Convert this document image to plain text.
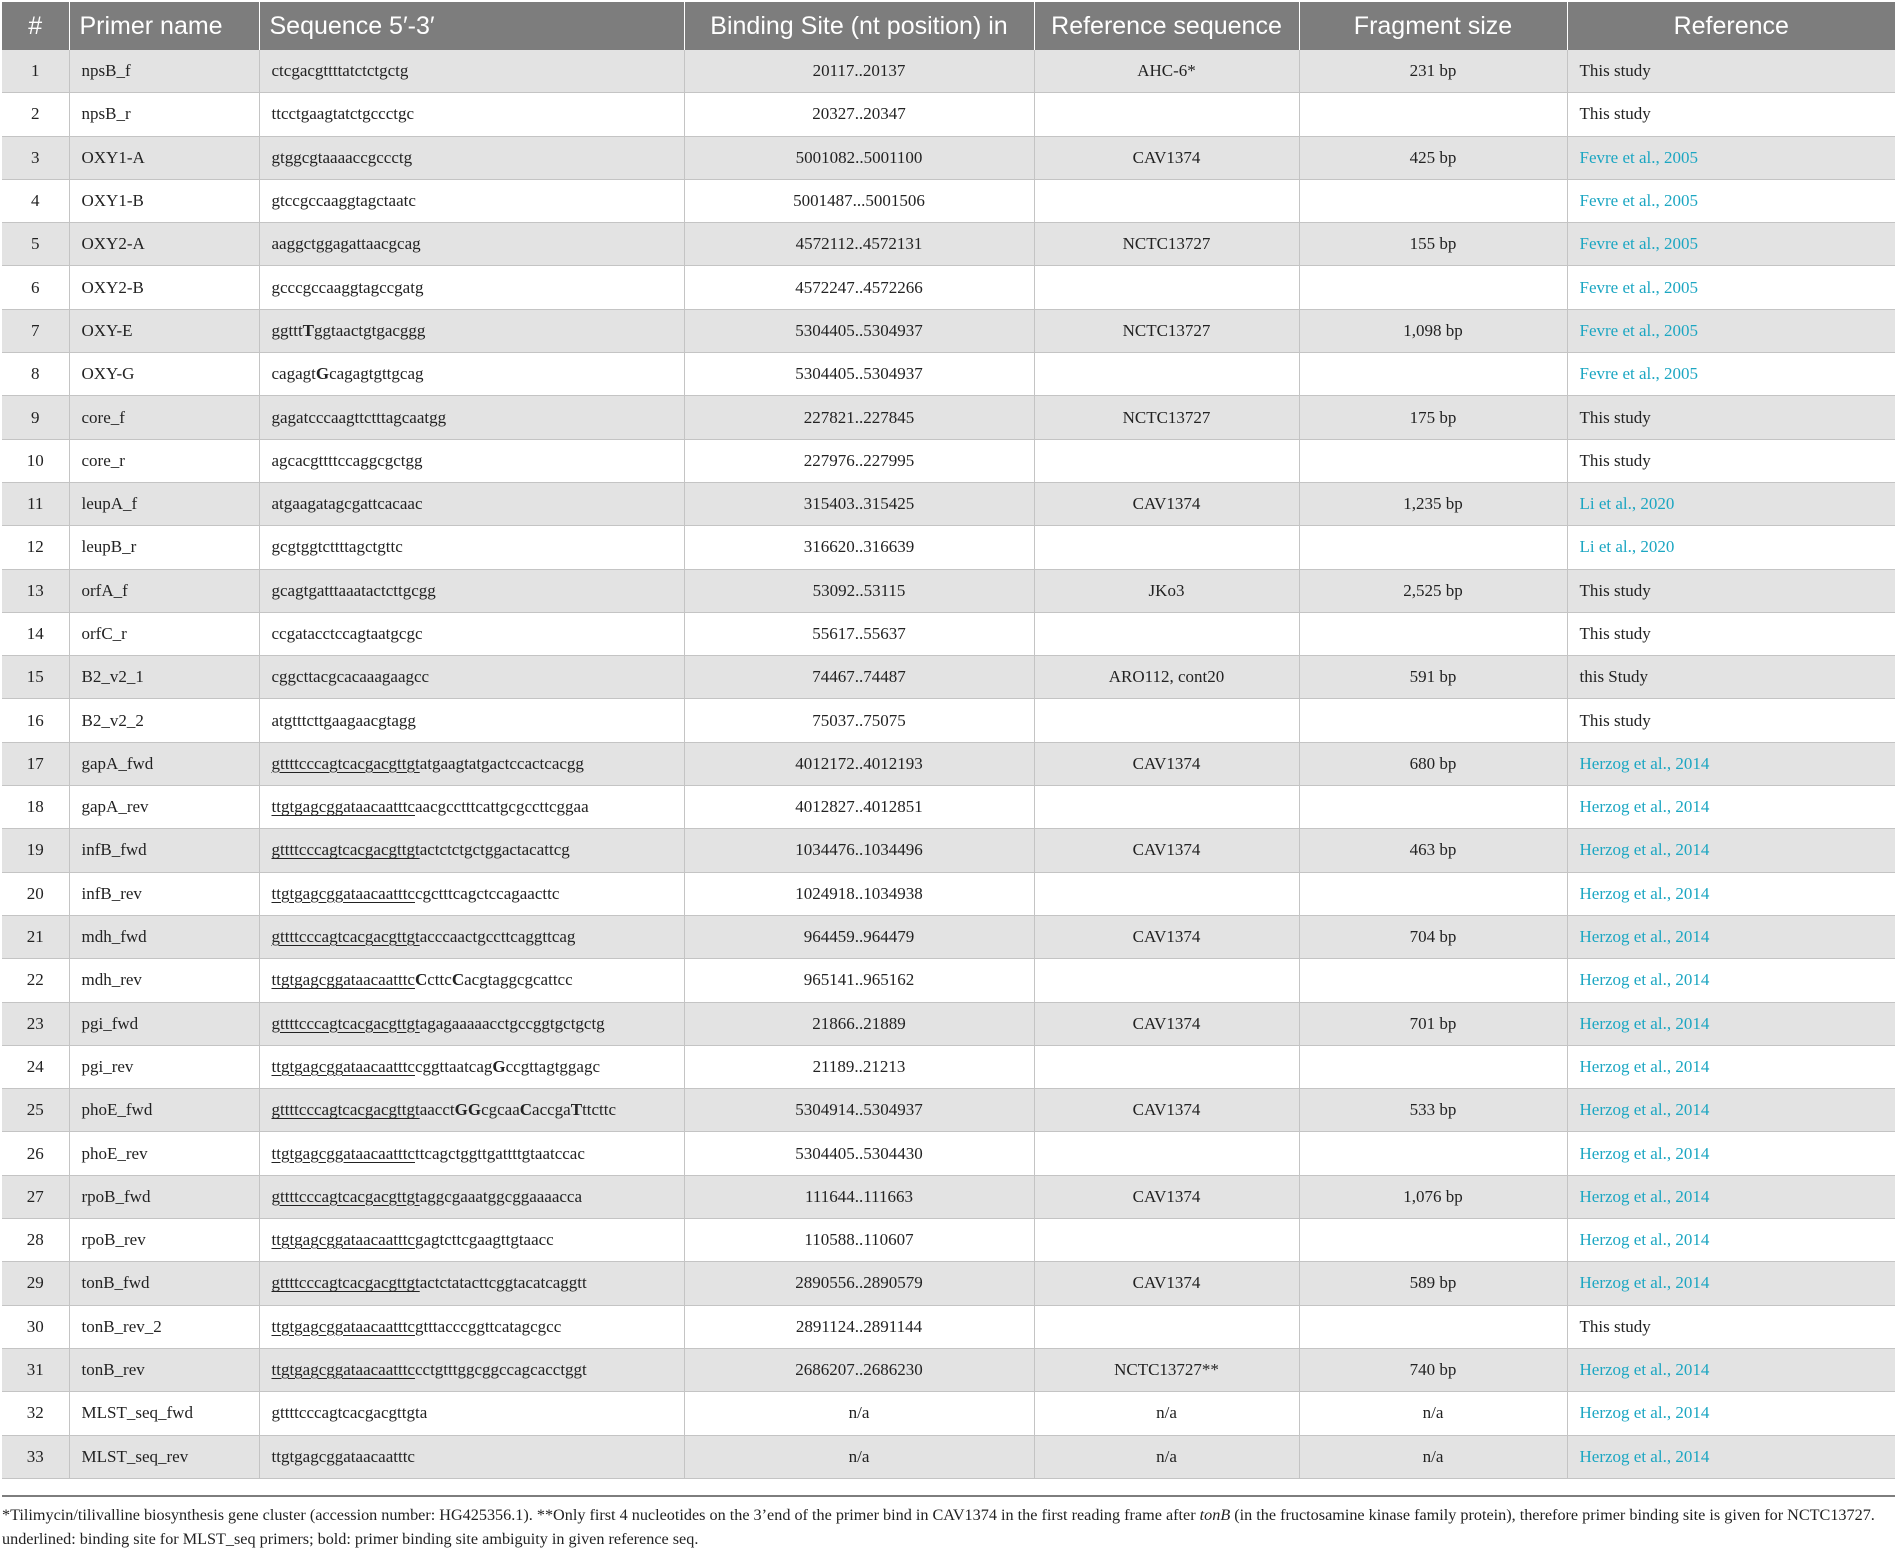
#	Primer name	Sequence 5′-3′	Binding Site (nt position) in	Reference sequence	Fragment size	Reference
1	npsB_f	ctcgacgttttatctctgctg	20117..20137	AHC-6*	231 bp	This study
2	npsB_r	ttcctgaagtatctgccctgc	20327..20347			This study
3	OXY1-A	gtggcgtaaaaccgccctg	5001082..5001100	CAV1374	425 bp	Fevre et al., 2005
4	OXY1-B	gtccgccaaggtagctaatc	5001487...5001506			Fevre et al., 2005
5	OXY2-A	aaggctggagattaacgcag	4572112..4572131	NCTC13727	155 bp	Fevre et al., 2005
6	OXY2-B	gcccgccaaggtagccgatg	4572247..4572266			Fevre et al., 2005
7	OXY-E	ggtttTggtaactgtgacggg	5304405..5304937	NCTC13727	1,098 bp	Fevre et al., 2005
8	OXY-G	cagagtGcagagtgttgcag	5304405..5304937			Fevre et al., 2005
9	core_f	gagatcccaagttctttagcaatgg	227821..227845	NCTC13727	175 bp	This study
10	core_r	agcacgttttccaggcgctgg	227976..227995			This study
11	leupA_f	atgaagatagcgattcacaac	315403..315425	CAV1374	1,235 bp	Li et al., 2020
12	leupB_r	gcgtggtcttttagctgttc	316620..316639			Li et al., 2020
13	orfA_f	gcagtgatttaaatactcttgcgg	53092..53115	JKo3	2,525 bp	This study
14	orfC_r	ccgatacctccagtaatgcgc	55617..55637			This study
15	B2_v2_1	cggcttacgcacaaagaagcc	74467..74487	ARO112, cont20	591 bp	this Study
16	B2_v2_2	atgtttcttgaagaacgtagg	75037..75075			This study
17	gapA_fwd	gttttcccagtcacgacgttgtatgaagtatgactccactcacgg	4012172..4012193	CAV1374	680 bp	Herzog et al., 2014
18	gapA_rev	ttgtgagcggataacaatttcaacgcctttcattgcgccttcggaa	4012827..4012851			Herzog et al., 2014
19	infB_fwd	gttttcccagtcacgacgttgtactctctgctggactacattcg	1034476..1034496	CAV1374	463 bp	Herzog et al., 2014
20	infB_rev	ttgtgagcggataacaatttccgctttcagctccagaacttc	1024918..1034938			Herzog et al., 2014
21	mdh_fwd	gttttcccagtcacgacgttgtacccaactgccttcaggttcag	964459..964479	CAV1374	704 bp	Herzog et al., 2014
22	mdh_rev	ttgtgagcggataacaatttcCcttcCacgtaggcgcattcc	965141..965162			Herzog et al., 2014
23	pgi_fwd	gttttcccagtcacgacgttgtagagaaaaacctgccggtgctgctg	21866..21889	CAV1374	701 bp	Herzog et al., 2014
24	pgi_rev	ttgtgagcggataacaatttccggttaatcagGccgttagtggagc	21189..21213			Herzog et al., 2014
25	phoE_fwd	gttttcccagtcacgacgttgtaacctGGcgcaaCaccgaTttcttc	5304914..5304937	CAV1374	533 bp	Herzog et al., 2014
26	phoE_rev	ttgtgagcggataacaatttcttcagctggttgattttgtaatccac	5304405..5304430			Herzog et al., 2014
27	rpoB_fwd	gttttcccagtcacgacgttgtaggcgaaatggcggaaaacca	111644..111663	CAV1374	1,076 bp	Herzog et al., 2014
28	rpoB_rev	ttgtgagcggataacaatttcgagtcttcgaagttgtaacc	110588..110607			Herzog et al., 2014
29	tonB_fwd	gttttcccagtcacgacgttgtactctatacttcggtacatcaggtt	2890556..2890579	CAV1374	589 bp	Herzog et al., 2014
30	tonB_rev_2	ttgtgagcggataacaatttcgtttacccggttcatagcgcc	2891124..2891144			This study
31	tonB_rev	ttgtgagcggataacaatttccctgtttggcggccagcacctggt	2686207..2686230	NCTC13727**	740 bp	Herzog et al., 2014
32	MLST_seq_fwd	gttttcccagtcacgacgttgta	n/a	n/a	n/a	Herzog et al., 2014
33	MLST_seq_rev	ttgtgagcggataacaatttc	n/a	n/a	n/a	Herzog et al., 2014
*Tilimycin/tilivalline biosynthesis gene cluster (accession number: HG425356.1). **Only first 4 nucleotides on the 3’end of the primer bind in CAV1374 in the first reading frame after tonB (in the fructosamine kinase family protein), therefore primer binding site is given for NCTC13727. underlined: binding site for MLST_seq primers; bold: primer binding site ambiguity in given reference seq.
